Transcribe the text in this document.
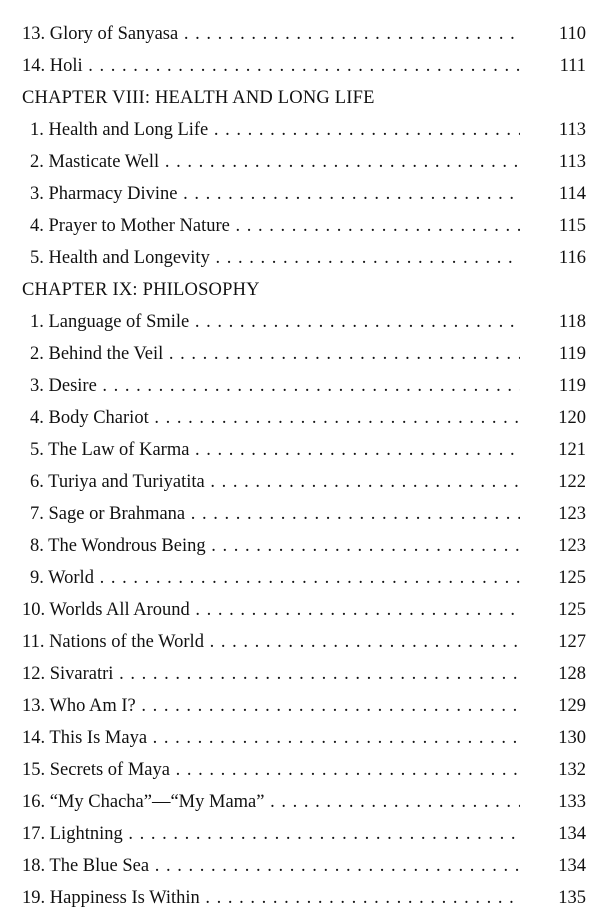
13. Glory of Sanyasa . . .	110
14. Holi . . .	111
CHAPTER VIII: HEALTH AND LONG LIFE
1. Health and Long Life . . .	113
2. Masticate Well . . .	113
3. Pharmacy Divine . . .	114
4. Prayer to Mother Nature . . .	115
5. Health and Longevity . . .	116
CHAPTER IX: PHILOSOPHY
1. Language of Smile . . .	118
2. Behind the Veil . . .	119
3. Desire . . .	119
4. Body Chariot . . .	120
5. The Law of Karma . . .	121
6. Turiya and Turiyatita . . .	122
7. Sage or Brahmana . . .	123
8. The Wondrous Being . . .	123
9. World . . .	125
10. Worlds All Around . . .	125
11. Nations of the World . . .	127
12. Sivaratri . . .	128
13. Who Am I? . . .	129
14. This Is Maya . . .	130
15. Secrets of Maya . . .	132
16. “My Chacha”—“My Mama” . . .	133
17. Lightning . . .	134
18. The Blue Sea . . .	134
19. Happiness Is Within . . .	135
